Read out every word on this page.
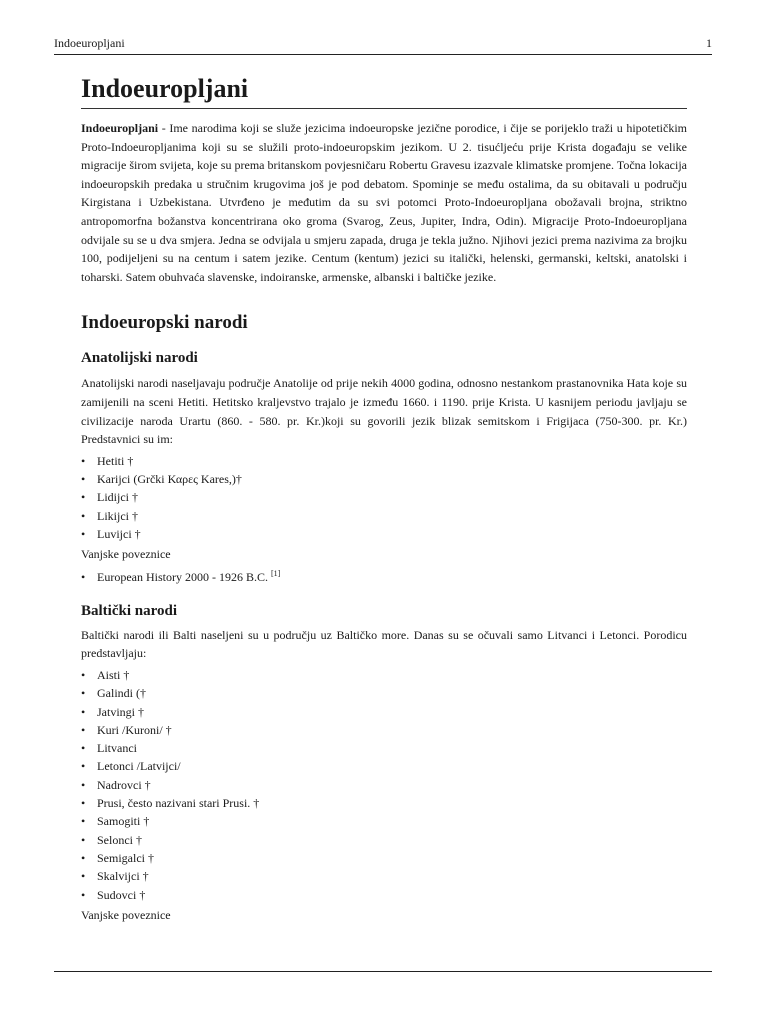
Indoeuropljani	1
Indoeuropljani

Indoeuropljani - Ime narodima koji se služe jezicima indoeuropske jezične porodice, i čije se porijeklo traži u hipotetičkim Proto-Indoeuropljanima koji su se služili proto-indoeuropskim jezikom. U 2. tisućljeću prije Krista događaju se velike migracije širom svijeta, koje su prema britanskom povjesničaru Robertu Gravesu izazvale klimatske promjene. Točna lokacija indoeuropskih predaka u stručnim krugovima još je pod debatom. Spominje se među ostalima, da su obitavali u području Kirgistana i Uzbekistana. Utvrđeno je međutim da su svi potomci Proto-Indoeuropljana obožavali brojna, striktno antropomorfna božanstva koncentrirana oko groma (Svarog, Zeus, Jupiter, Indra, Odin). Migracije Proto-Indoeuropljana odvijale su se u dva smjera. Jedna se odvijala u smjeru zapada, druga je tekla južno. Njihovi jezici prema nazivima za brojku 100, podijeljeni su na centum i satem jezike. Centum (kentum) jezici su italički, helenski, germanski, keltski, anatolski i toharski. Satem obuhvaća slavenske, indoiranske, armenske, albanski i baltičke jezike.

Indoeuropski narodi
Anatolijski narodi

Anatolijski narodi naseljavaju područje Anatolije od prije nekih 4000 godina, odnosno nestankom prastanovnika Hata koje su zamijenili na sceni Hetiti. Hetitsko kraljevstvo trajalo je između 1660. i 1190. prije Krista. U kasnijem periodu javljaju se civilizacije naroda Urartu (860. - 580. pr. Kr.)koji su govorili jezik blizak semitskom i Frigijaca (750-300. pr. Kr.) Predstavnici su im:

• Hetiti †
• Karijci (Grčki Καρες Kares,)†
• Lidijci †
• Likijci †
• Luvijci †

Vanjske poveznice

• European History 2000 - 1926 B.C. [1]
Baltički narodi

Baltički narodi ili Balti naseljeni su u području uz Baltičko more. Danas su se očuvali samo Litvanci i Letonci. Porodicu predstavljaju:

• Aisti †
• Galindi (†
• Jatvingi †
• Kuri /Kuroni/ †
• Litvanci
• Letonci /Latvijci/
• Nadrovci †
• Prusi, često nazivani stari Prusi. †
• Samogiti †
• Selonci †
• Semigalci †
• Skalvijci †
• Sudovci †

Vanjske poveznice
